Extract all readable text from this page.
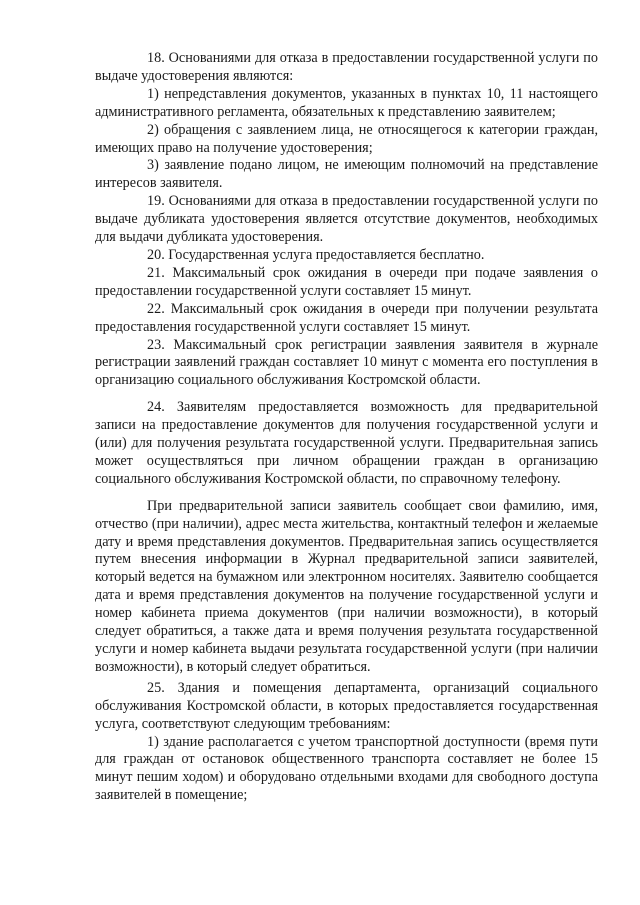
18. Основаниями для отказа в предоставлении государственной услуги по выдаче удостоверения являются:

1) непредставления документов, указанных в пунктах 10, 11 настоящего административного регламента, обязательных к представлению заявителем;

2) обращения с заявлением лица, не относящегося к категории граждан, имеющих право на получение удостоверения;

3) заявление подано лицом, не имеющим полномочий на представление интересов заявителя.

19. Основаниями для отказа в предоставлении государственной услуги по выдаче дубликата удостоверения является отсутствие документов, необходимых для выдачи дубликата удостоверения.

20. Государственная услуга предоставляется бесплатно.

21. Максимальный срок ожидания в очереди при подаче заявления о предоставлении государственной услуги составляет 15 минут.

22. Максимальный срок ожидания в очереди при получении результата предоставления государственной услуги составляет 15 минут.

23. Максимальный срок регистрации заявления заявителя в журнале регистрации заявлений граждан составляет 10 минут с момента его поступления в организацию социального обслуживания Костромской области.

24. Заявителям предоставляется возможность для предварительной записи на предоставление документов для получения государственной услуги и (или) для получения результата государственной услуги. Предварительная запись может осуществляться при личном обращении граждан в организацию социального обслуживания Костромской области, по справочному телефону.

При предварительной записи заявитель сообщает свои фамилию, имя, отчество (при наличии), адрес места жительства, контактный телефон и желаемые дату и время представления документов. Предварительная запись осуществляется путем внесения информации в Журнал предварительной записи заявителей, который ведется на бумажном или электронном носителях. Заявителю сообщается дата и время представления документов на получение государственной услуги и номер кабинета приема документов (при наличии возможности), в который следует обратиться, а также дата и время получения результата государственной услуги и номер кабинета выдачи результата государственной услуги (при наличии возможности), в который следует обратиться.

25. Здания и помещения департамента, организаций социального обслуживания Костромской области, в которых предоставляется государственная услуга, соответствуют следующим требованиям:

1) здание располагается с учетом транспортной доступности (время пути для граждан от остановок общественного транспорта составляет не более 15 минут пешим ходом) и оборудовано отдельными входами для свободного доступа заявителей в помещение;
